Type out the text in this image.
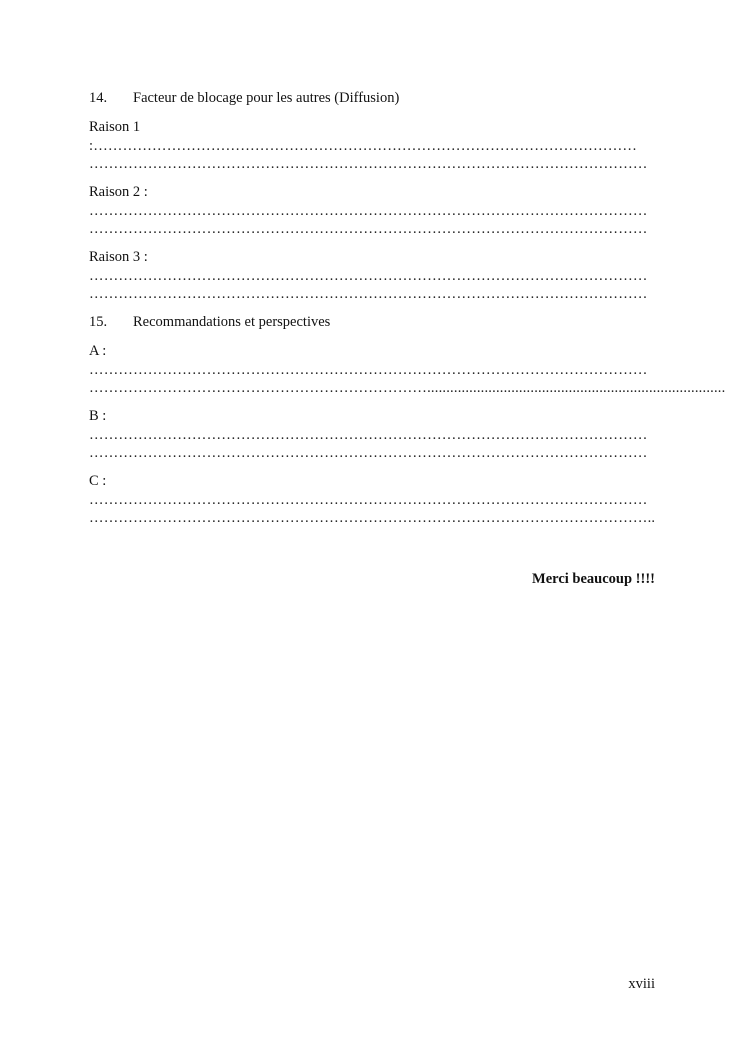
14.	Facteur de blocage pour les autres (Diffusion)
Raison 1
:…………………………………………………………………………………………………
……………………………………………………………………………………………………
Raison 2 :
……………………………………………………………………………………………………
……………………………………………………………………………………………………
Raison 3 :
……………………………………………………………………………………………………
……………………………………………………………………………………………………
15.	Recommandations et perspectives
A :
……………………………………………………………………………………………………
……………………………………………………………..............................................................................
B :
……………………………………………………………………………………………………
……………………………………………………………………………………………………
C :
……………………………………………………………………………………………………
……………………………………………………………………………………………………..
Merci beaucoup !!!!
xviii
